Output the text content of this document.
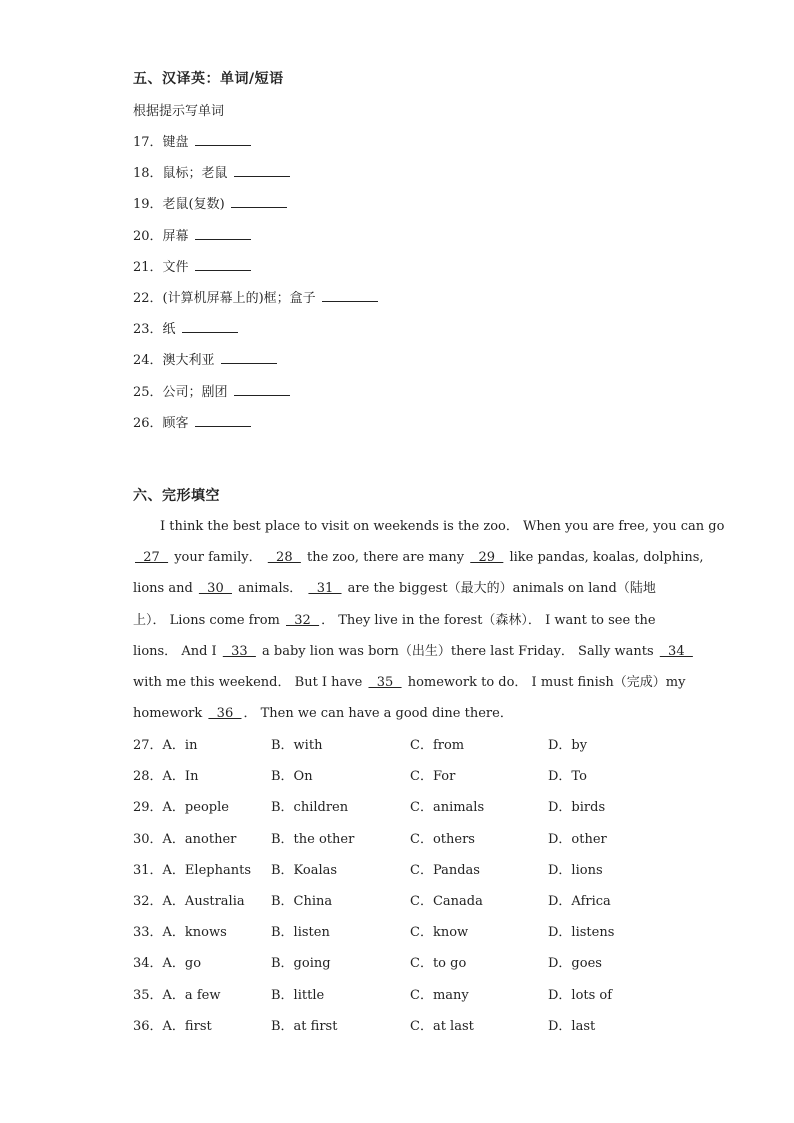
五、汉译英：单词/短语
根据提示写单词
17．键盘
18．鼠标；老鼠
19．老鼠(复数)
20．屏幕
21．文件
22．(计算机屏幕上的)框；盒子
23．纸
24．澳大利亚
25．公司；剧团
26．顾客
六、完形填空
I think the best place to visit on weekends is the zoo． When you are free, you can go
27   your family．   28   the zoo, there are many   29   like pandas, koalas, dolphins,
lions and   30   animals．   31   are the biggest（最大的）animals on land（陆地
上）． Lions come from   32  ． They live in the forest（森林）． I want to see the
lions． And I   33   a baby lion was born（出生）there last Friday． Sally wants   34
with me this weekend． But I have   35   homework to do． I must finish（完成）my
homework   36  ． Then we can have a good dine there．
27．A．in	B．with	C．from	D．by
28．A．In	B．On	C．For	D．To
29．A．people	B．children	C．animals	D．birds
30．A．another	B．the other	C．others	D．other
31．A．Elephants B．Koalas	C．Pandas	D．lions
32．A．Australia B．China	C．Canada	D．Africa
33．A．knows	B．listen	C．know	D．listens
34．A．go	B．going	C．to go	D．goes
35．A．a few	B．little	C．many	D．lots of
36．A．first	B．at first	C．at last	D．last
